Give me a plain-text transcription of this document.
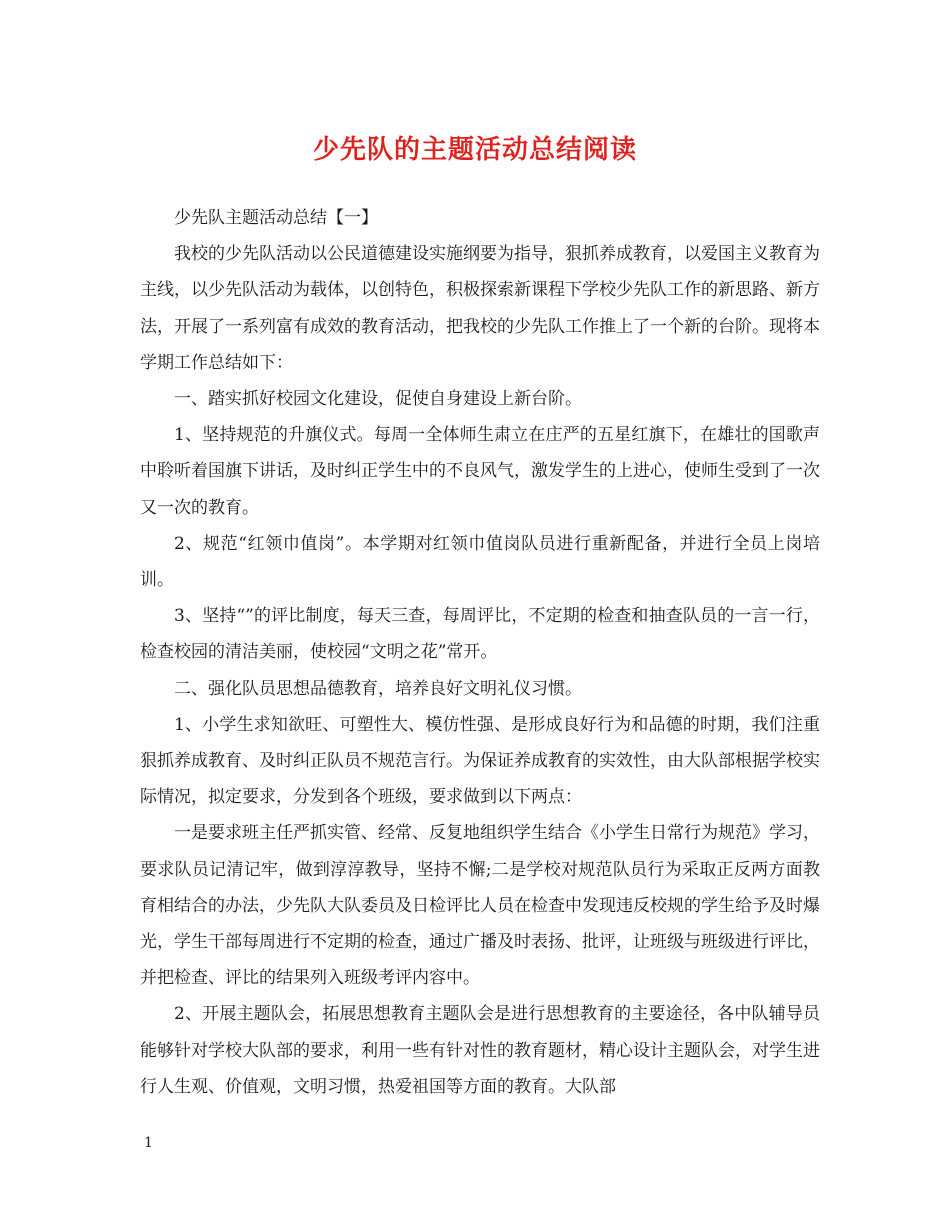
少先队的主题活动总结阅读

少先队主题活动总结【一】

我校的少先队活动以公民道德建设实施纲要为指导，狠抓养成教育，以爱国主义教育为主线，以少先队活动为载体，以创特色，积极探索新课程下学校少先队工作的新思路、新方法，开展了一系列富有成效的教育活动，把我校的少先队工作推上了一个新的台阶。现将本学期工作总结如下：

一、踏实抓好校园文化建设，促使自身建设上新台阶。

1、坚持规范的升旗仪式。每周一全体师生肃立在庄严的五星红旗下，在雄壮的国歌声中聆听着国旗下讲话，及时纠正学生中的不良风气，激发学生的上进心，使师生受到了一次又一次的教育。

2、规范“红领巾值岗”。本学期对红领巾值岗队员进行重新配备，并进行全员上岗培训。

3、坚持“”的评比制度，每天三查，每周评比，不定期的检查和抽查队员的一言一行，检查校园的清洁美丽，使校园“文明之花”常开。

二、强化队员思想品德教育，培养良好文明礼仪习惯。

1、小学生求知欲旺、可塑性大、模仿性强、是形成良好行为和品德的时期，我们注重狠抓养成教育、及时纠正队员不规范言行。为保证养成教育的实效性，由大队部根据学校实际情况，拟定要求，分发到各个班级，要求做到以下两点：

一是要求班主任严抓实管、经常、反复地组织学生结合《小学生日常行为规范》学习，要求队员记清记牢，做到淳淳教导，坚持不懈;二是学校对规范队员行为采取正反两方面教育相结合的办法，少先队大队委员及日检评比人员在检查中发现违反校规的学生给予及时爆光，学生干部每周进行不定期的检查，通过广播及时表扬、批评，让班级与班级进行评比，并把检查、评比的结果列入班级考评内容中。

2、开展主题队会，拓展思想教育主题队会是进行思想教育的主要途径，各中队辅导员能够针对学校大队部的要求，利用一些有针对性的教育题材，精心设计主题队会，对学生进行人生观、价值观，文明习惯，热爱祖国等方面的教育。大队部

1
